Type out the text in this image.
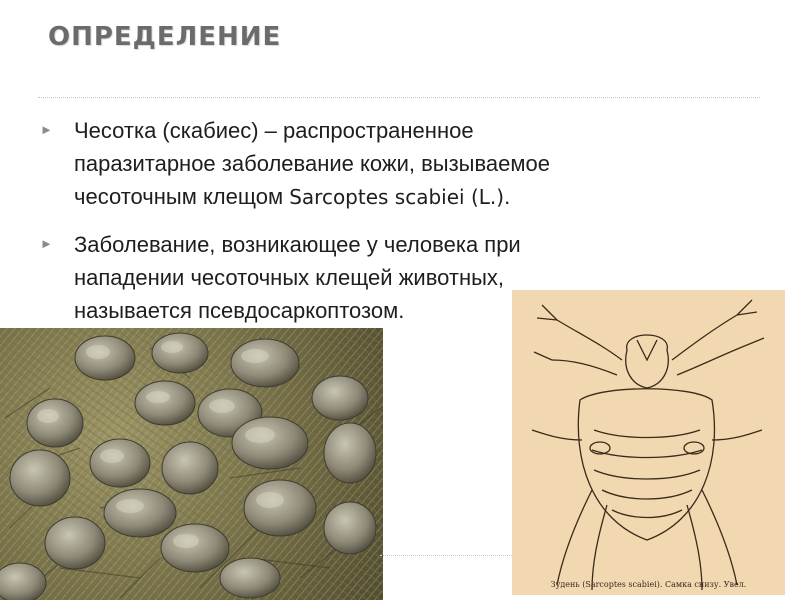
ОПРЕДЕЛЕНИЕ
► Чесотка (скабиес) – распространенное
паразитарное заболевание кожи, вызываемое
чесоточным клещом Sarcoptes scabiei (L.).
► Заболевание, возникающее у человека при
нападении чесоточных клещей животных,
называется псевдосаркоптозом.
Зудень (Sarcoptes scabiei). Самка снизу. Увел.
